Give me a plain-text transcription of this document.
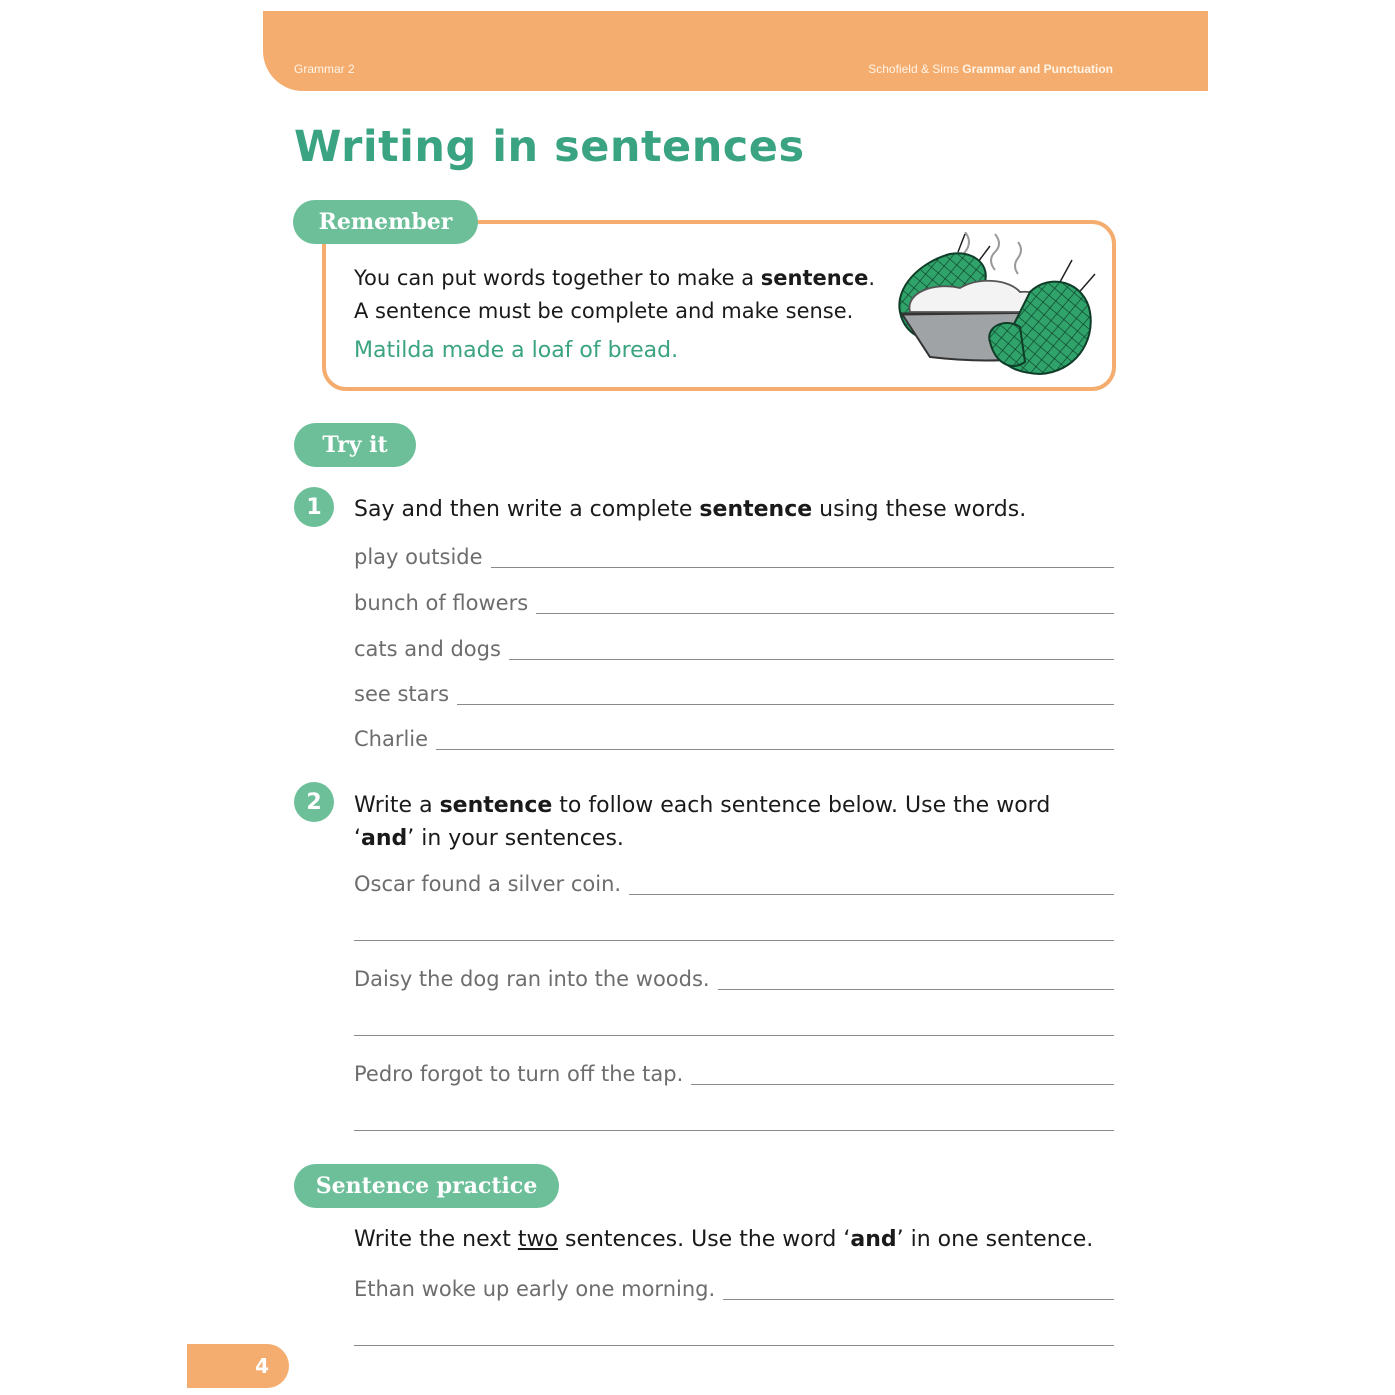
Grammar 2	Schofield & Sims Grammar and Punctuation
Writing in sentences
Remember
You can put words together to make a sentence.
A sentence must be complete and make sense.
Matilda made a loaf of bread.
Try it
1	Say and then write a complete sentence using these words.
play outside
bunch of flowers
cats and dogs
see stars
Charlie
2	Write a sentence to follow each sentence below. Use the word
‘and’ in your sentences.
Oscar found a silver coin.
Daisy the dog ran into the woods.
Pedro forgot to turn off the tap.
Sentence practice
Write the next two sentences. Use the word ‘and’ in one sentence.
Ethan woke up early one morning.
4
